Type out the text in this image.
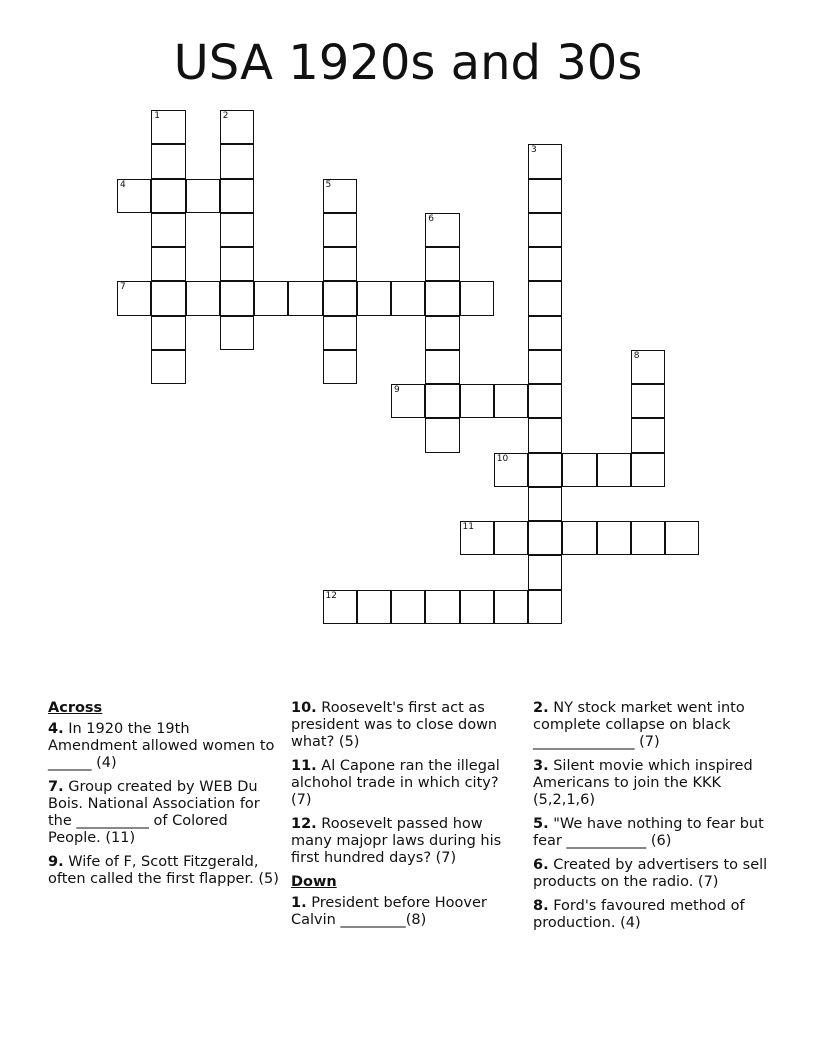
USA 1920s and 30s
1	2
3
4	5
6
7
8
9
10
11
12
Across
4. In 1920 the 19th Amendment allowed women to ______ (4)
7. Group created by WEB Du Bois. National Association for the __________ of Colored People. (11)
9. Wife of F, Scott Fitzgerald, often called the first flapper. (5)
10. Roosevelt's first act as president was to close down what? (5)
11. Al Capone ran the illegal alchohol trade in which city? (7)
12. Roosevelt passed how many majopr laws during his first hundred days? (7)
Down
1. President before Hoover Calvin _________(8)
2. NY stock market went into complete collapse on black ______________ (7)
3. Silent movie which inspired Americans to join the KKK (5,2,1,6)
5. "We have nothing to fear but fear ___________ (6)
6. Created by advertisers to sell products on the radio. (7)
8. Ford's favoured method of production. (4)
